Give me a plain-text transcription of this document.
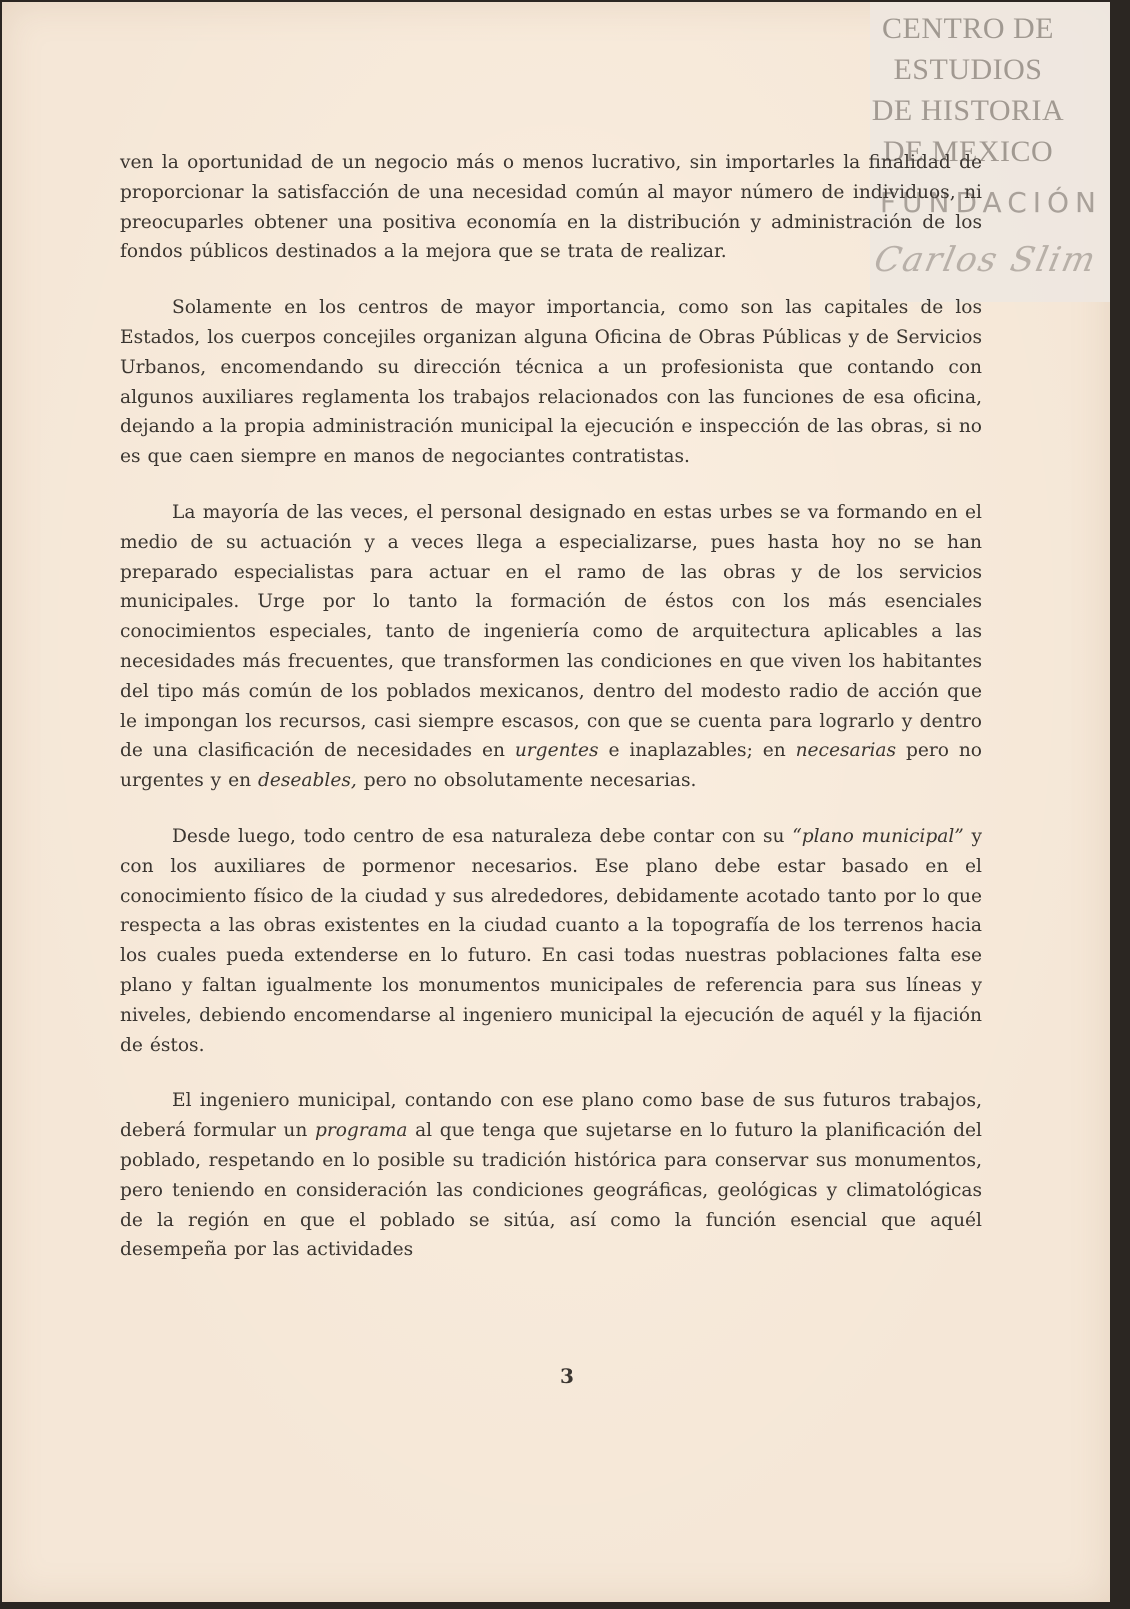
CENTRO DE
ESTUDIOS
DE HISTORIA
DE MEXICO
FUNDACIÓN
Carlos Slim

ven la oportunidad de un negocio más o menos lucrativo, sin importarles la finalidad de proporcionar la satisfacción de una necesidad común al mayor número de individuos, ni preocuparles obtener una positiva economía en la distribución y administración de los fondos públicos destinados a la mejora que se trata de realizar.

Solamente en los centros de mayor importancia, como son las capitales de los Estados, los cuerpos concejiles organizan alguna Oficina de Obras Públicas y de Servicios Urbanos, encomendando su dirección técnica a un profesionista que contando con algunos auxiliares reglamenta los trabajos relacionados con las funciones de esa oficina, dejando a la propia administración municipal la ejecución e inspección de las obras, si no es que caen siempre en manos de negociantes contratistas.

La mayoría de las veces, el personal designado en estas urbes se va formando en el medio de su actuación y a veces llega a especializarse, pues hasta hoy no se han preparado especialistas para actuar en el ramo de las obras y de los servicios municipales. Urge por lo tanto la formación de éstos con los más esenciales conocimientos especiales, tanto de ingeniería como de arquitectura aplicables a las necesidades más frecuentes, que transformen las condiciones en que viven los habitantes del tipo más común de los poblados mexicanos, dentro del modesto radio de acción que le impongan los recursos, casi siempre escasos, con que se cuenta para lograrlo y dentro de una clasificación de necesidades en urgentes e inaplazables; en necesarias pero no urgentes y en deseables, pero no obsolutamente necesarias.

Desde luego, todo centro de esa naturaleza debe contar con su “plano municipal” y con los auxiliares de pormenor necesarios. Ese plano debe estar basado en el conocimiento físico de la ciudad y sus alrededores, debidamente acotado tanto por lo que respecta a las obras existentes en la ciudad cuanto a la topografía de los terrenos hacia los cuales pueda extenderse en lo futuro. En casi todas nuestras poblaciones falta ese plano y faltan igualmente los monumentos municipales de referencia para sus líneas y niveles, debiendo encomendarse al ingeniero municipal la ejecución de aquél y la fijación de éstos.

El ingeniero municipal, contando con ese plano como base de sus futuros trabajos, deberá formular un programa al que tenga que sujetarse en lo futuro la planificación del poblado, respetando en lo posible su tradición histórica para conservar sus monumentos, pero teniendo en consideración las condiciones geográficas, geológicas y climatológicas de la región en que el poblado se sitúa, así como la función esencial que aquél desempeña por las actividades

3
